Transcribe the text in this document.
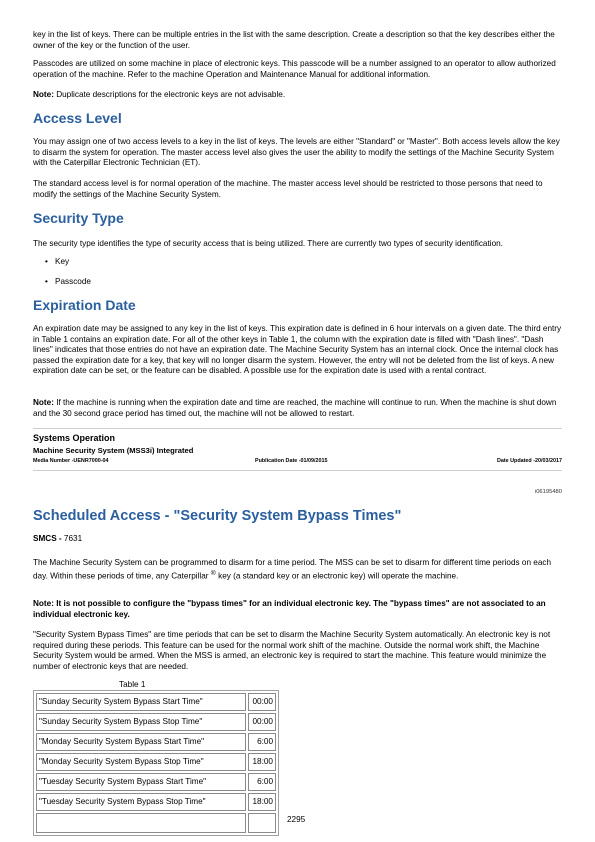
key in the list of keys. There can be multiple entries in the list with the same description. Create a description so that the key describes either the owner of the key or the function of the user.

Passcodes are utilized on some machine in place of electronic keys. This passcode will be a number assigned to an operator to allow authorized operation of the machine. Refer to the machine Operation and Maintenance Manual for additional information.

Note: Duplicate descriptions for the electronic keys are not advisable.

Access Level

You may assign one of two access levels to a key in the list of keys. The levels are either "Standard" or "Master". Both access levels allow the key to disarm the system for operation. The master access level also gives the user the ability to modify the settings of the Machine Security System with the Caterpillar Electronic Technician (ET).

The standard access level is for normal operation of the machine. The master access level should be restricted to those persons that need to modify the settings of the Machine Security System.

Security Type

The security type identifies the type of security access that is being utilized. There are currently two types of security identification.

• Key
• Passcode
Expiration Date

An expiration date may be assigned to any key in the list of keys. This expiration date is defined in 6 hour intervals on a given date. The third entry in Table 1 contains an expiration date. For all of the other keys in Table 1, the column with the expiration date is filled with "Dash lines". "Dash lines" indicates that those entries do not have an expiration date. The Machine Security System has an internal clock. Once the internal clock has passed the expiration date for a key, that key will no longer disarm the system. However, the entry will not be deleted from the list of keys. A new expiration date can be set, or the feature can be disabled. A possible use for the expiration date is used with a rental contract.

Note: If the machine is running when the expiration date and time are reached, the machine will continue to run. When the machine is shut down and the 30 second grace period has timed out, the machine will not be allowed to restart.

Systems Operation
Machine Security System (MSS3i) Integrated
Media Number -UENR7000-04	Publication Date -01/09/2015	Date Updated -20/03/2017
i06195480
Scheduled Access - "Security System Bypass Times"
SMCS - 7631

The Machine Security System can be programmed to disarm for a time period. The MSS can be set to disarm for different time periods on each day. Within these periods of time, any Caterpillar ® key (a standard key or an electronic key) will operate the machine.

Note: It is not possible to configure the "bypass times" for an individual electronic key. The "bypass times" are not associated to an individual electronic key.

"Security System Bypass Times" are time periods that can be set to disarm the Machine Security System automatically. An electronic key is not required during these periods. This feature can be used for the normal work shift of the machine. Outside the normal work shift, the Machine Security System would be armed. When the MSS is armed, an electronic key is required to start the machine. This feature would minimize the number of electronic keys that are needed.

Table 1
"Sunday Security System Bypass Start Time"	00:00
"Sunday Security System Bypass Stop Time"	00:00
"Monday Security System Bypass Start Time"	6:00
"Monday Security System Bypass Stop Time"	18:00
"Tuesday Security System Bypass Start Time"	6:00
"Tuesday Security System Bypass Stop Time"	18:00

2295
